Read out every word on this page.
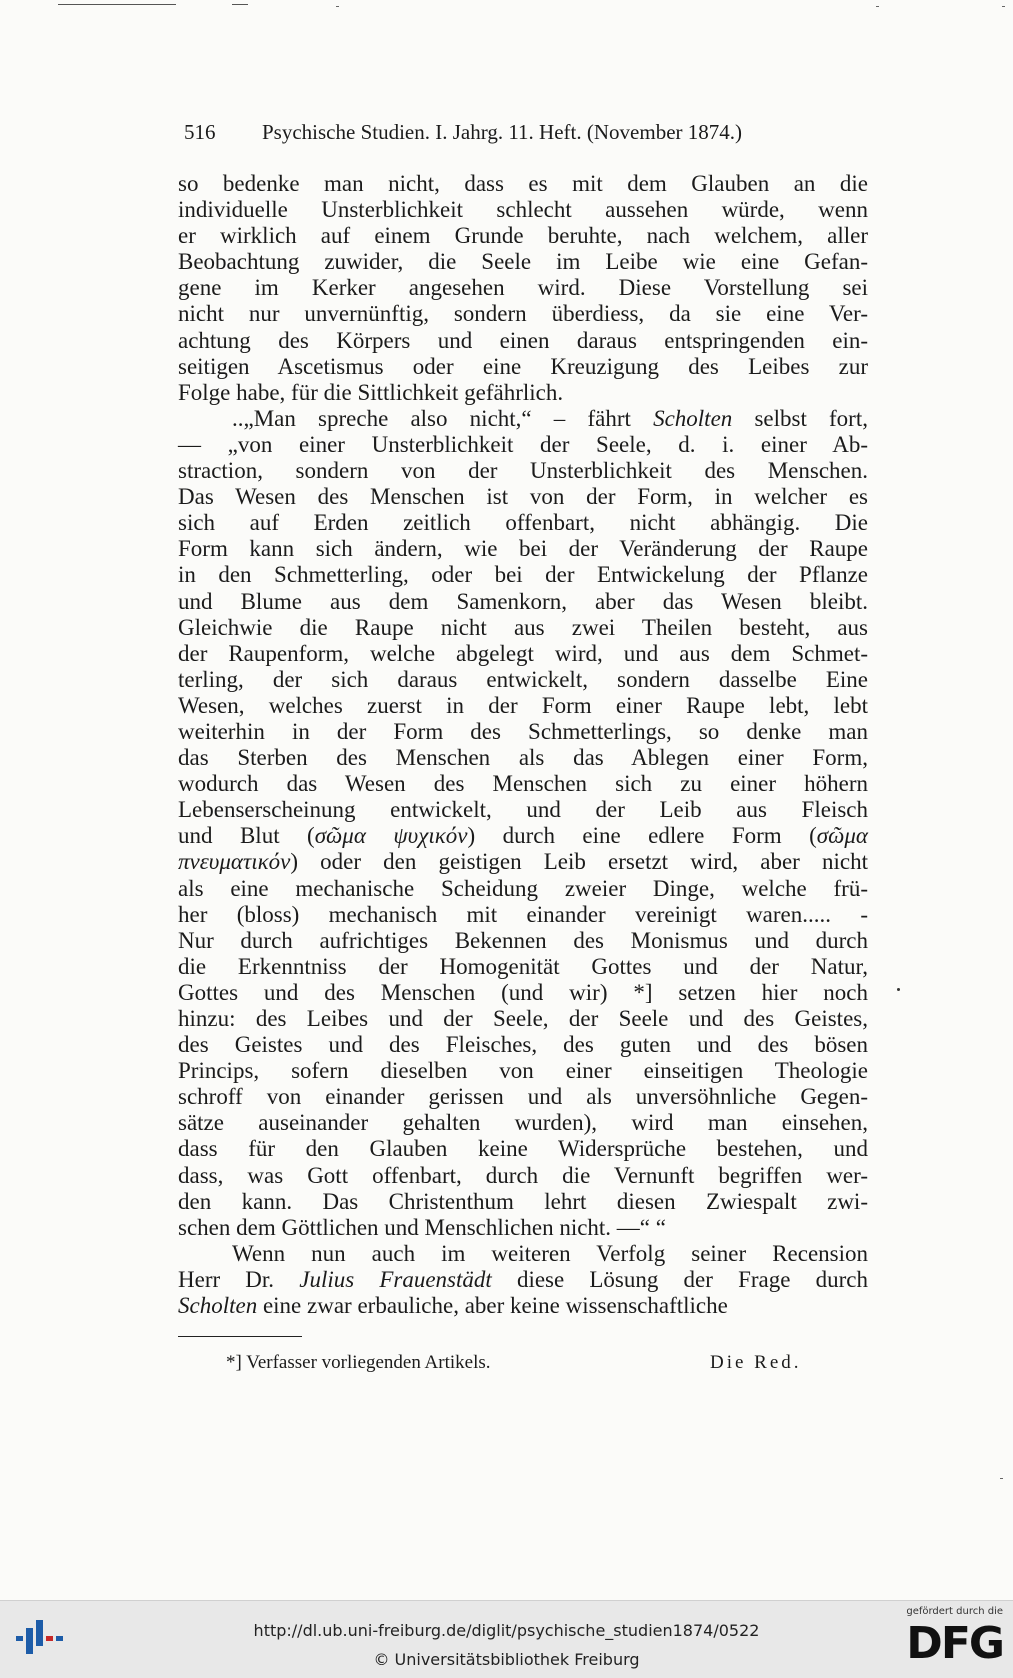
516 Psychische Studien. I. Jahrg. 11. Heft. (November 1874.)
so bedenke man nicht, dass es mit dem Glauben an die
individuelle Unsterblichkeit schlecht aussehen würde, wenn
er wirklich auf einem Grunde beruhte, nach welchem, aller
Beobachtung zuwider, die Seele im Leibe wie eine Gefan-
gene im Kerker angesehen wird. Diese Vorstellung sei
nicht nur unvernünftig, sondern überdiess, da sie eine Ver-
achtung des Körpers und einen daraus entspringenden ein-
seitigen Ascetismus oder eine Kreuzigung des Leibes zur
Folge habe, für die Sittlichkeit gefährlich.
..„Man spreche also nicht,“ – fährt Scholten selbst fort,
— „von einer Unsterblichkeit der Seele, d. i. einer Ab-
straction, sondern von der Unsterblichkeit des Menschen.
Das Wesen des Menschen ist von der Form, in welcher es
sich auf Erden zeitlich offenbart, nicht abhängig. Die
Form kann sich ändern, wie bei der Veränderung der Raupe
in den Schmetterling, oder bei der Entwickelung der Pflanze
und Blume aus dem Samenkorn, aber das Wesen bleibt.
Gleichwie die Raupe nicht aus zwei Theilen besteht, aus
der Raupenform, welche abgelegt wird, und aus dem Schmet-
terling, der sich daraus entwickelt, sondern dasselbe Eine
Wesen, welches zuerst in der Form einer Raupe lebt, lebt
weiterhin in der Form des Schmetterlings, so denke man
das Sterben des Menschen als das Ablegen einer Form,
wodurch das Wesen des Menschen sich zu einer höhern
Lebenserscheinung entwickelt, und der Leib aus Fleisch
und Blut (σῶμα ψυχικόν) durch eine edlere Form (σῶμα
πνευματικόν) oder den geistigen Leib ersetzt wird, aber nicht
als eine mechanische Scheidung zweier Dinge, welche frü-
her (bloss) mechanisch mit einander vereinigt waren..... -
Nur durch aufrichtiges Bekennen des Monismus und durch
die Erkenntniss der Homogenität Gottes und der Natur,
Gottes und des Menschen (und wir) *] setzen hier noch
hinzu: des Leibes und der Seele, der Seele und des Geistes,
des Geistes und des Fleisches, des guten und des bösen
Princips, sofern dieselben von einer einseitigen Theologie
schroff von einander gerissen und als unversöhnliche Gegen-
sätze auseinander gehalten wurden), wird man einsehen,
dass für den Glauben keine Widersprüche bestehen, und
dass, was Gott offenbart, durch die Vernunft begriffen wer-
den kann. Das Christenthum lehrt diesen Zwiespalt zwi-
schen dem Göttlichen und Menschlichen nicht. —“ “
Wenn nun auch im weiteren Verfolg seiner Recension
Herr Dr. Julius Frauenstädt diese Lösung der Frage durch
Scholten eine zwar erbauliche, aber keine wissenschaftliche
*] Verfasser vorliegenden Artikels.	Die Red.
http://dl.ub.uni-freiburg.de/diglit/psychische_studien1874/0522
© Universitätsbibliothek Freiburg
gefördert durch die
DFG
